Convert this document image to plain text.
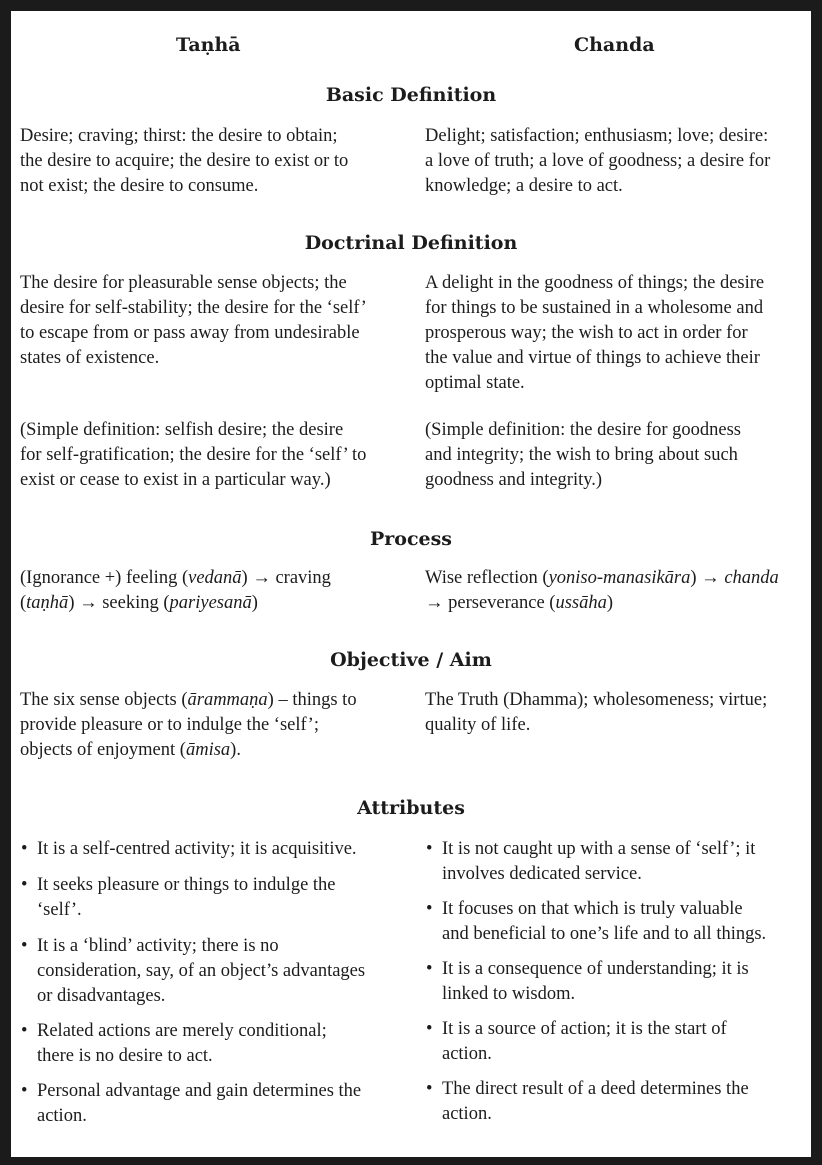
Taṇhā	Chanda
Basic Definition
Desire; craving; thirst: the desire to obtain;
the desire to acquire; the desire to exist or to
not exist; the desire to consume.
Delight; satisfaction; enthusiasm; love; desire:
a love of truth; a love of goodness; a desire for
knowledge; a desire to act.
Doctrinal Definition
The desire for pleasurable sense objects; the
desire for self-stability; the desire for the ‘self’
to escape from or pass away from undesirable
states of existence.
A delight in the goodness of things; the desire
for things to be sustained in a wholesome and
prosperous way; the wish to act in order for
the value and virtue of things to achieve their
optimal state.
(Simple definition: selfish desire; the desire
for self-gratification; the desire for the ‘self’ to
exist or cease to exist in a particular way.)
(Simple definition: the desire for goodness
and integrity; the wish to bring about such
goodness and integrity.)
Process
(Ignorance +) feeling (vedanā) → craving
(taṇhā) → seeking (pariyesanā)
Wise reflection (yoniso-manasikāra) → chanda
→ perseverance (ussāha)
Objective / Aim
The six sense objects (ārammaṇa) – things to
provide pleasure or to indulge the ‘self’;
objects of enjoyment (āmisa).
The Truth (Dhamma); wholesomeness; virtue;
quality of life.
Attributes
• It is a self-centred activity; it is acquisitive.
• It seeks pleasure or things to indulge the
‘self’.
• It is a ‘blind’ activity; there is no
consideration, say, of an object’s advantages
or disadvantages.
• Related actions are merely conditional;
there is no desire to act.
• Personal advantage and gain determines the
action.
• It is not caught up with a sense of ‘self’; it
involves dedicated service.
• It focuses on that which is truly valuable
and beneficial to one’s life and to all things.
• It is a consequence of understanding; it is
linked to wisdom.
• It is a source of action; it is the start of
action.
• The direct result of a deed determines the
action.
